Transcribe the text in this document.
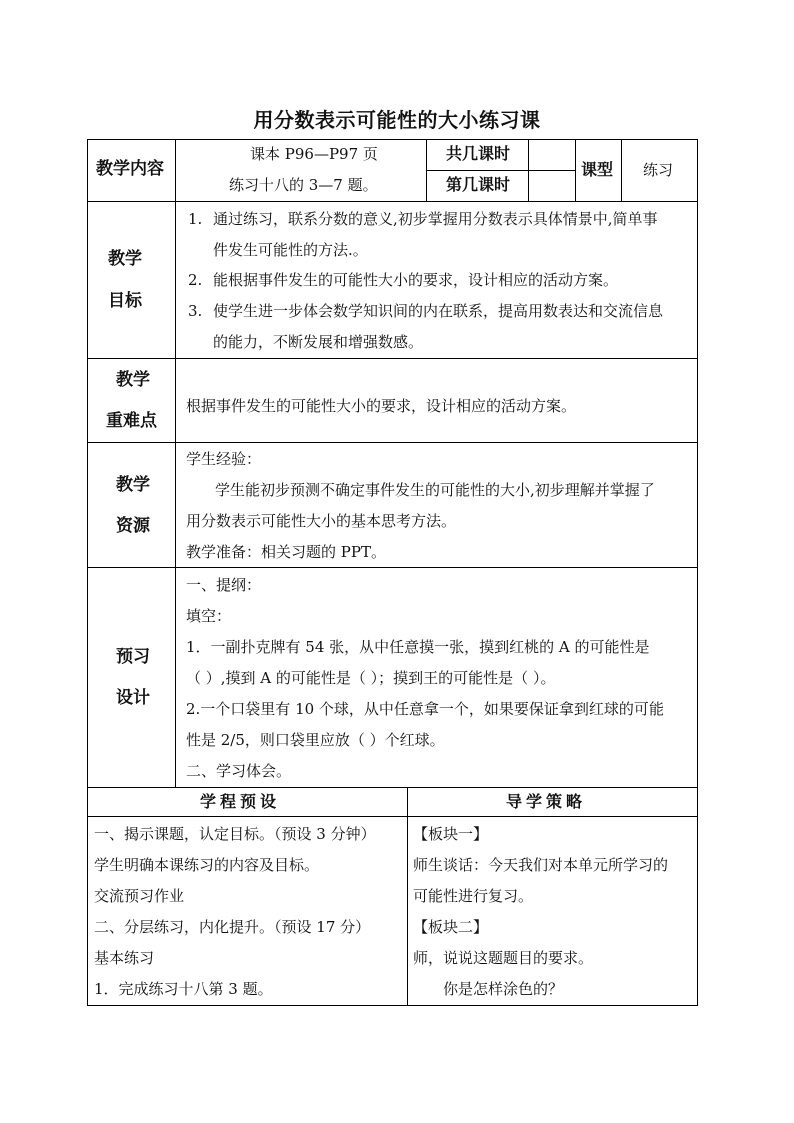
用分数表示可能性的大小练习课
教学内容
课本 P96—P97 页
练习十八的 3—7 题。
共几课时
第几课时
课型 练习
教学
目标
1. 通过练习，联系分数的意义,初步掌握用分数表示具体情景中,简单事
件发生可能性的方法.。
2. 能根据事件发生的可能性大小的要求，设计相应的活动方案。
3. 使学生进一步体会数学知识间的内在联系，提高用数表达和交流信息
的能力，不断发展和增强数感。
教学
重难点
根据事件发生的可能性大小的要求，设计相应的活动方案。
教学
资源
学生经验：
学生能初步预测不确定事件发生的可能性的大小,初步理解并掌握了
用分数表示可能性大小的基本思考方法。
教学准备：相关习题的 PPT。
预习
设计
一、提纲：
填空：
1．一副扑克牌有 54 张，从中任意摸一张，摸到红桃的 A 的可能性是
（ ）,摸到 A 的可能性是（ ）；摸到王的可能性是（ ）。
2.一个口袋里有 10 个球，从中任意拿一个，如果要保证拿到红球的可能
性是 2/5，则口袋里应放（ ）个红球。
二、学习体会。
学程预设	导学策略
一、揭示课题，认定目标。（预设 3 分钟）
学生明确本课练习的内容及目标。
交流预习作业
二、分层练习，内化提升。（预设 17 分）
基本练习
1．完成练习十八第 3 题。
【板块一】
师生谈话：今天我们对本单元所学习的
可能性进行复习。
【板块二】
师，说说这题题目的要求。
你是怎样涂色的？
